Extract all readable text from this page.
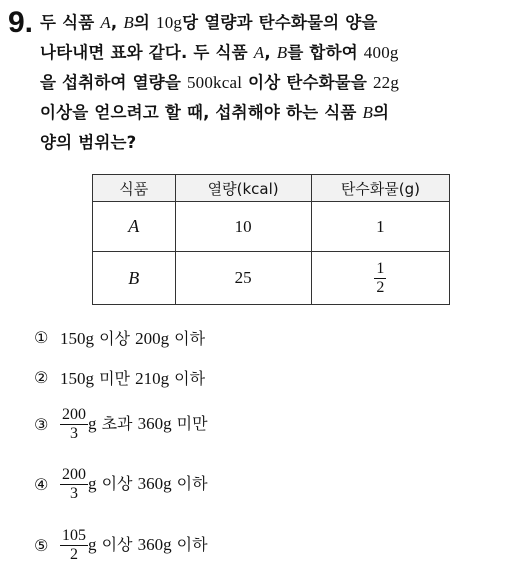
9. 두 식품 A, B의 10g당 열량과 탄수화물의 양을
나타내면 표와 같다. 두 식품 A, B를 합하여 400g
을 섭취하여 열량을 500kcal 이상 탄수화물을 22g
이상을 얻으려고 할 때, 섭취해야 하는 식품 B의
양의 범위는?
식품	열량(kcal)	탄수화물(g)
A	10	1
B	25	$\frac{1}{2}$
① 150g 이상 200g 이하
② 150g 미만 210g 이하
③ $\frac{200}{3}$ g 초과 360g 미만
④ $\frac{200}{3}$ g 이상 360g 이하
⑤ $\frac{105}{2}$ g 이상 360g 이하
